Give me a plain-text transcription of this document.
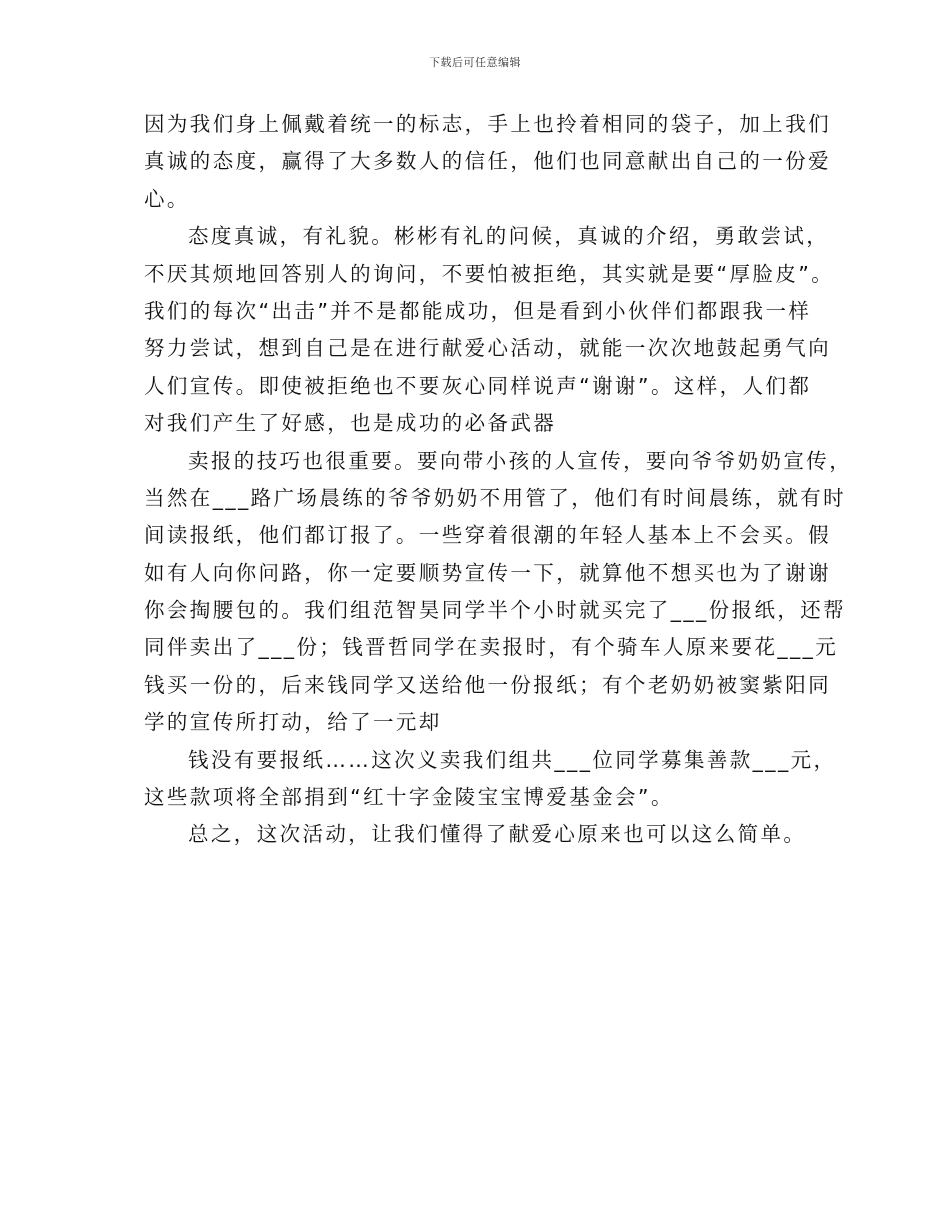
下载后可任意编辑
因为我们身上佩戴着统一的标志，手上也拎着相同的袋子，加上我们
真诚的态度，赢得了大多数人的信任，他们也同意献出自己的一份爱
心。
态度真诚，有礼貌。彬彬有礼的问候，真诚的介绍，勇敢尝试，
不厌其烦地回答别人的询问，不要怕被拒绝，其实就是要“厚脸皮”。
我们的每次“出击”并不是都能成功，但是看到小伙伴们都跟我一样
努力尝试，想到自己是在进行献爱心活动，就能一次次地鼓起勇气向
人们宣传。即使被拒绝也不要灰心同样说声“谢谢”。这样，人们都
对我们产生了好感，也是成功的必备武器
卖报的技巧也很重要。要向带小孩的人宣传，要向爷爷奶奶宣传，
当然在___路广场晨练的爷爷奶奶不用管了，他们有时间晨练，就有时
间读报纸，他们都订报了。一些穿着很潮的年轻人基本上不会买。假
如有人向你问路，你一定要顺势宣传一下，就算他不想买也为了谢谢
你会掏腰包的。我们组范智昊同学半个小时就买完了___份报纸，还帮
同伴卖出了___份；钱晋哲同学在卖报时，有个骑车人原来要花___元
钱买一份的，后来钱同学又送给他一份报纸；有个老奶奶被窦紫阳同
学的宣传所打动，给了一元却
钱没有要报纸……这次义卖我们组共___位同学募集善款___元，
这些款项将全部捐到“红十字金陵宝宝博爱基金会”。
总之，这次活动，让我们懂得了献爱心原来也可以这么简单。
